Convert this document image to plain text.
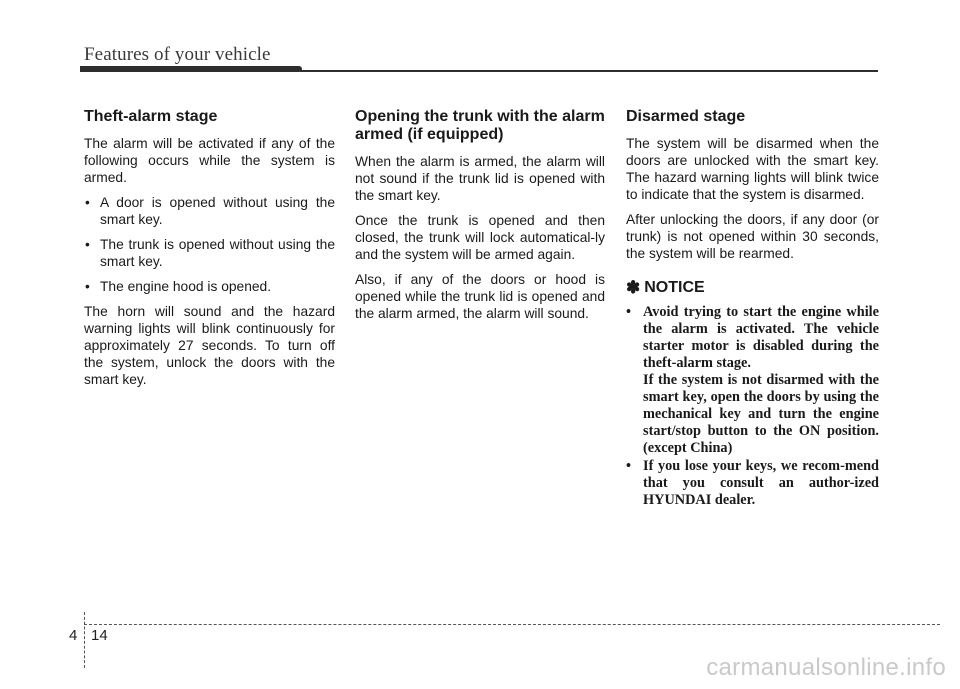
Features of your vehicle
Theft-alarm stage

The alarm will be activated if any of the following occurs while the system is armed.

• A door is opened without using the smart key.
• The trunk is opened without using the smart key.
• The engine hood is opened.

The horn will sound and the hazard warning lights will blink continuously for approximately 27 seconds. To turn off the system, unlock the doors with the smart key.

Opening the trunk with the alarm armed (if equipped)

When the alarm is armed, the alarm will not sound if the trunk lid is opened with the smart key.

Once the trunk is opened and then closed, the trunk will lock automatical-ly and the system will be armed again.

Also, if any of the doors or hood is opened while the trunk lid is opened and the alarm armed, the alarm will sound.

Disarmed stage

The system will be disarmed when the doors are unlocked with the smart key. The hazard warning lights will blink twice to indicate that the system is disarmed.

After unlocking the doors, if any door (or trunk) is not opened within 30 seconds, the system will be rearmed.

✽ NOTICE
• Avoid trying to start the engine while the alarm is activated. The vehicle starter motor is disabled during the theft-alarm stage.
If the system is not disarmed with the smart key, open the doors by using the mechanical key and turn the engine start/stop button to the ON position. (except China)
• If you lose your keys, we recom-mend that you consult an author-ized HYUNDAI dealer.
4 14
carmanualsonline.info
